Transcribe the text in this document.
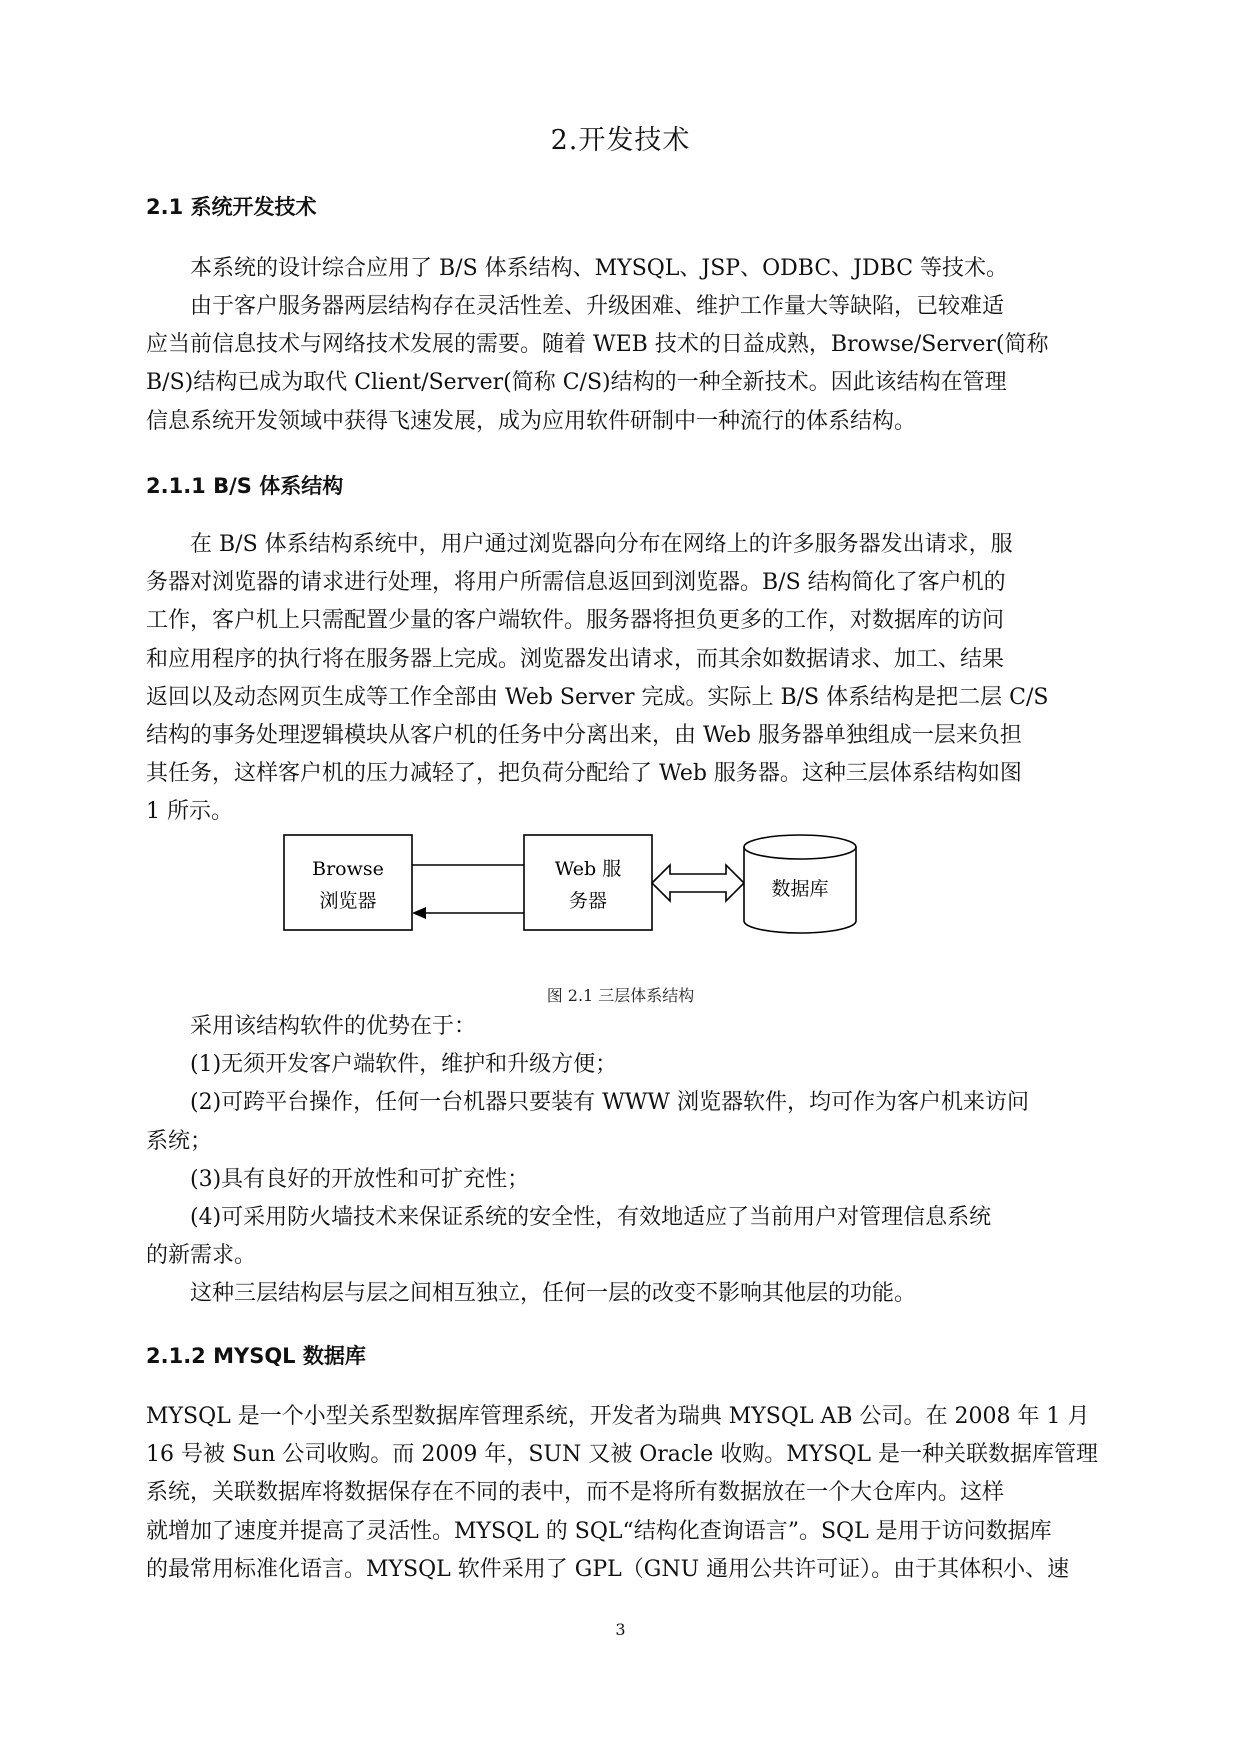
2.开发技术
2.1 系统开发技术

本系统的设计综合应用了 B/S 体系结构、MYSQL、JSP、ODBC、JDBC 等技术。

由于客户服务器两层结构存在灵活性差、升级困难、维护工作量大等缺陷，已较难适
应当前信息技术与网络技术发展的需要。随着 WEB 技术的日益成熟，Browse/Server(简称
B/S)结构已成为取代 Client/Server(简称 C/S)结构的一种全新技术。因此该结构在管理
信息系统开发领域中获得飞速发展，成为应用软件研制中一种流行的体系结构。

2.1.1 B/S 体系结构

在 B/S 体系结构系统中，用户通过浏览器向分布在网络上的许多服务器发出请求，服
务器对浏览器的请求进行处理，将用户所需信息返回到浏览器。B/S 结构简化了客户机的
工作，客户机上只需配置少量的客户端软件。服务器将担负更多的工作，对数据库的访问
和应用程序的执行将在服务器上完成。浏览器发出请求，而其余如数据请求、加工、结果
返回以及动态网页生成等工作全部由 Web Server 完成。实际上 B/S 体系结构是把二层 C/S
结构的事务处理逻辑模块从客户机的任务中分离出来，由 Web 服务器单独组成一层来负担
其任务，这样客户机的压力减轻了，把负荷分配给了 Web 服务器。这种三层体系结构如图
1 所示。

Browse
浏览器
Web 服
务器
数据库
图 2.1 三层体系结构

采用该结构软件的优势在于：
(1)无须开发客户端软件，维护和升级方便；
(2)可跨平台操作，任何一台机器只要装有 WWW 浏览器软件，均可作为客户机来访问
系统；
(3)具有良好的开放性和可扩充性；
(4)可采用防火墙技术来保证系统的安全性，有效地适应了当前用户对管理信息系统
的新需求。
这种三层结构层与层之间相互独立，任何一层的改变不影响其他层的功能。

2.1.2 MYSQL 数据库

MYSQL 是一个小型关系型数据库管理系统，开发者为瑞典 MYSQL AB 公司。在 2008 年 1 月
16 号被 Sun 公司收购。而 2009 年，SUN 又被 Oracle 收购。MYSQL 是一种关联数据库管理
系统，关联数据库将数据保存在不同的表中，而不是将所有数据放在一个大仓库内。这样
就增加了速度并提高了灵活性。MYSQL 的 SQL“结构化查询语言”。SQL 是用于访问数据库
的最常用标准化语言。MYSQL 软件采用了 GPL（GNU 通用公共许可证）。由于其体积小、速

3
